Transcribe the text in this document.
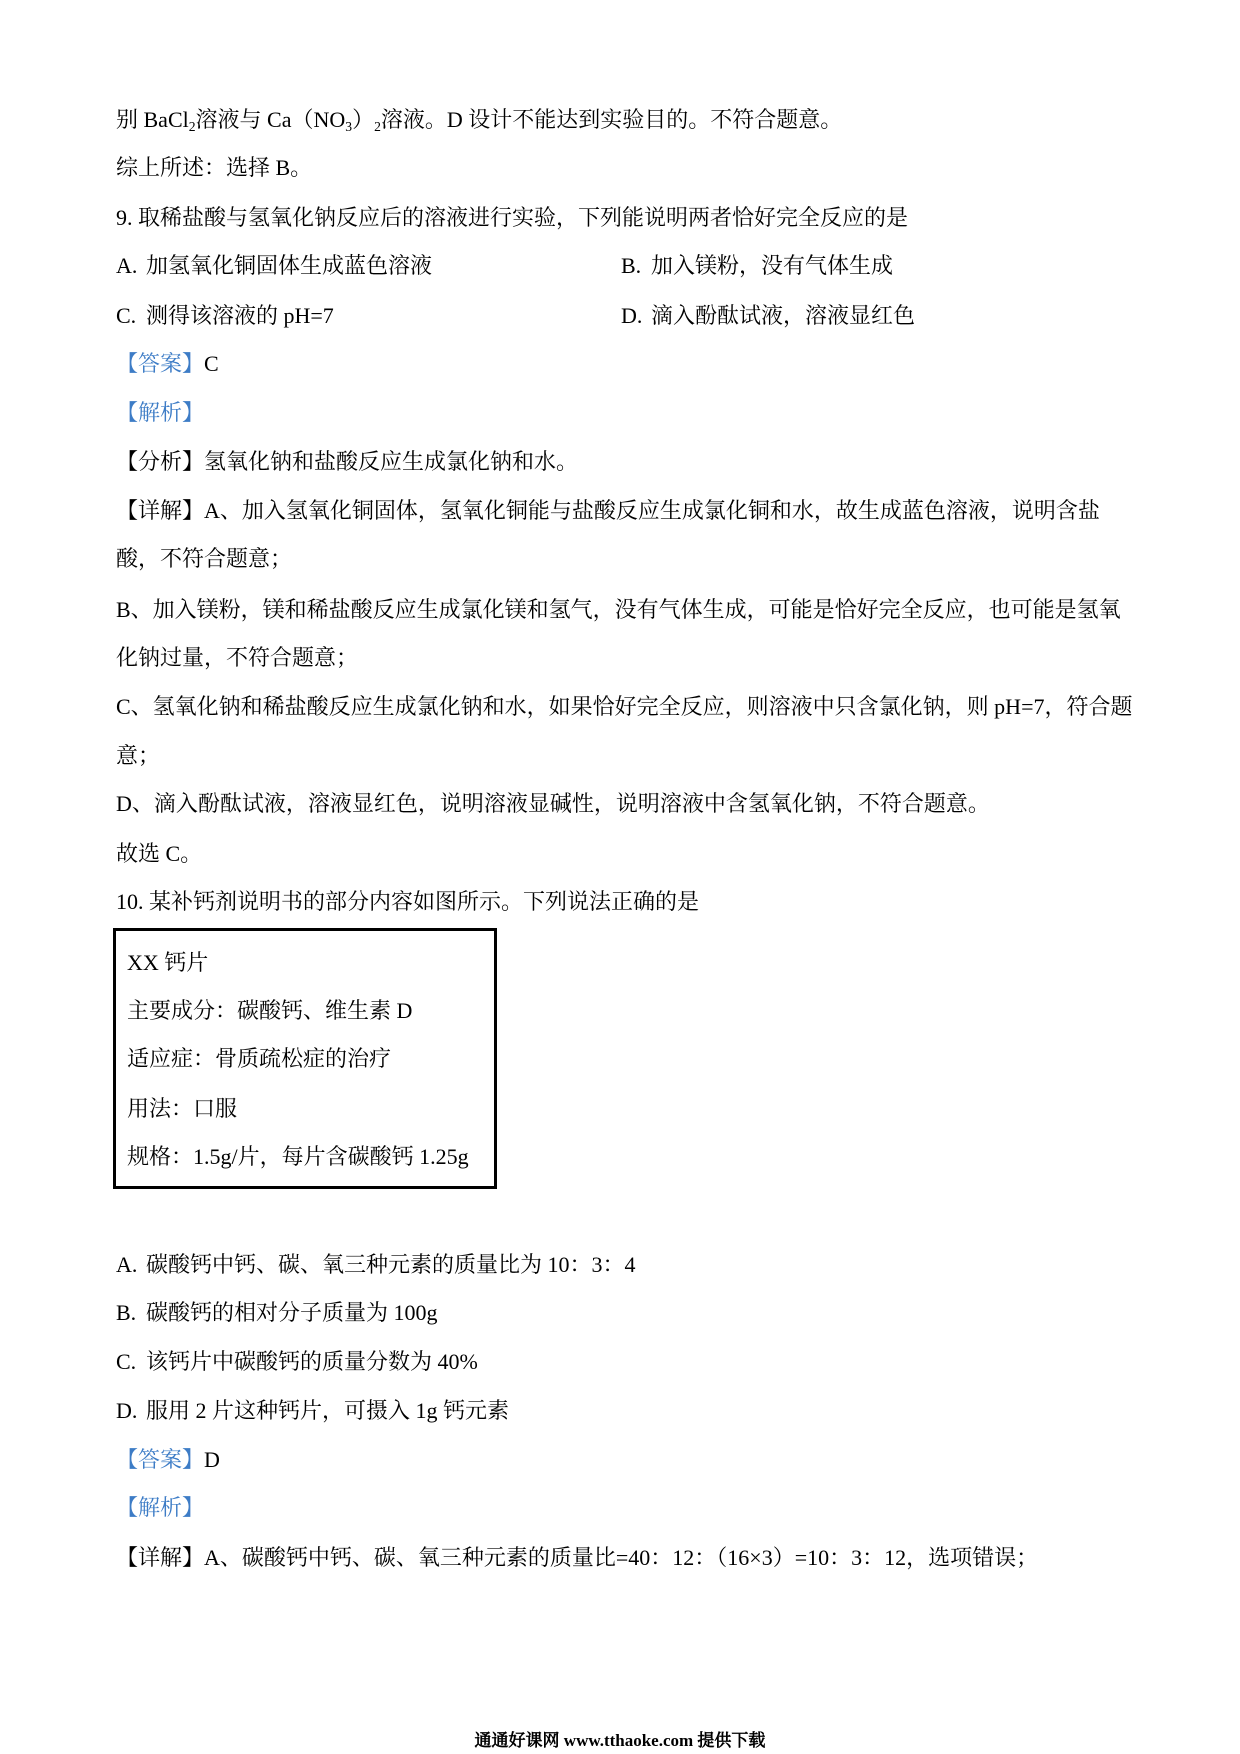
别 BaCl$_2$溶液与 $Ca(NO_3)_2$溶液。D 设计不能达到实验目的。不符合题意。
综上所述：选择 B。
9. 取稀盐酸与氢氧化钠反应后的溶液进行实验，下列能说明两者恰好完全反应的是
A. 加氢氧化铜固体生成蓝色溶液	B. 加入镁粉，没有气体生成
C. 测得该溶液的 pH=7	D. 滴入酚酞试液，溶液显红色
【答案】C
【解析】
【分析】氢氧化钠和盐酸反应生成氯化钠和水。
【详解】A、加入氢氧化铜固体，氢氧化铜能与盐酸反应生成氯化铜和水，故生成蓝色溶液，说明含盐
酸，不符合题意；
B、加入镁粉，镁和稀盐酸反应生成氯化镁和氢气，没有气体生成，可能是恰好完全反应，也可能是氢氧
化钠过量，不符合题意；
C、氢氧化钠和稀盐酸反应生成氯化钠和水，如果恰好完全反应，则溶液中只含氯化钠，则 pH=7，符合题
意；
D、滴入酚酞试液，溶液显红色，说明溶液显碱性，说明溶液中含氢氧化钠，不符合题意。
故选 C。
10. 某补钙剂说明书的部分内容如图所示。下列说法正确的是
XX 钙片
主要成分：碳酸钙、维生素 D
适应症：骨质疏松症的治疗
用法：口服
规格：1.5g/片，每片含碳酸钙 1.25g
A. 碳酸钙中钙、碳、氧三种元素的质量比为 10：3：4
B. 碳酸钙的相对分子质量为 100g
C. 该钙片中碳酸钙的质量分数为 40%
D. 服用 2 片这种钙片，可摄入 1g 钙元素
【答案】D
【解析】
【详解】A、碳酸钙中钙、碳、氧三种元素的质量比=40：12：（16×3）=10：3：12，选项错误；
通通好课网 www.tthaoke.com 提供下载
